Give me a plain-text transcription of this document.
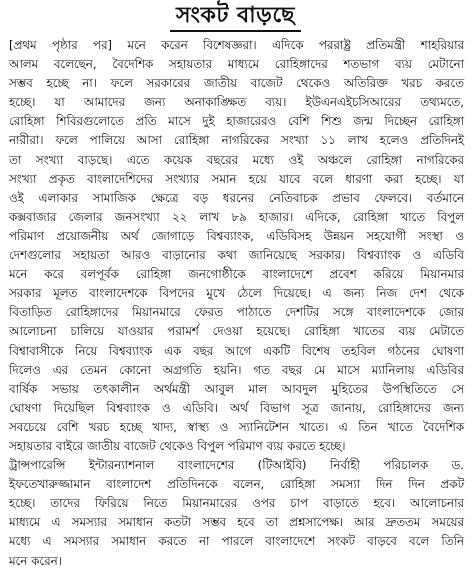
সংকট বাড়ছে
[প্রথম পৃষ্ঠার পর] মনে করেন বিশেষজ্ঞরা। এদিকে পররাষ্ট্র প্রতিমন্ত্রী শাহরিয়ার
আলম বলেছেন, বৈদেশিক সহায়তার মাধ্যমে রোহিঙ্গাদের শতভাগ ব্যয় মেটানো
সম্ভব হচ্ছে না। ফলে সরকারের জাতীয় বাজেট থেকেও অতিরিক্ত খরচ করতে
হচ্ছে। যা আমাদের জন্য অনাকাঙ্ক্ষিত ব্যয়। ইউএনএইচসিআরের তথ্যমতে,
রোহিঙ্গা শিবিরগুলোতে প্রতি মাসে দুই হাজারেরও বেশি শিশু জন্ম দিচ্ছেন রোহিঙ্গা
নারীরা। ফলে পালিয়ে আসা রোহিঙ্গা নাগরিকের সংখ্যা ১১ লাখ হলেও প্রতিদিনই
তা সংখ্যা বাড়ছে। এতে কয়েক বছরের মধ্যে ওই অঞ্চলে রোহিঙ্গা নাগরিকের
সংখ্যা প্রকৃত বাংলাদেশিদের সংখ্যার সমান হয়ে যাবে বলে ধারণা করা হচ্ছে। যা
ওই এলাকার সামাজিক ক্ষেত্রে বড় ধরনের নেতিবাচক প্রভাব ফেলবে। বর্তমানে
কক্সবাজার জেলার জনসংখ্যা ২২ লাখ ৮৯ হাজার। এদিকে, রোহিঙ্গা খাতে বিপুল
পরিমাণ প্রয়োজনীয় অর্থ জোগাড়ে বিশ্বব্যাংক, এডিবিসহ উন্নয়ন সহযোগী সংস্থা ও
দেশগুলোর সহায়তা আরও বাড়ানোর কথা জানিয়েছে সরকার। বিশ্বব্যাংক ও এডিবি
মনে করে বলপূর্বক রোহিঙ্গা জনগোষ্ঠীকে বাংলাদেশে প্রবেশ করিয়ে মিয়ানমার
সরকার মূলত বাংলাদেশকে বিপদের মুখে ঠেলে দিয়েছে। এ জন্য নিজ দেশ থেকে
বিতাড়িত রোহিঙ্গাদের মিয়ানমারে ফেরত পাঠাতে দেশটির সঙ্গে বাংলাদেশকে জোর
আলোচনা চালিয়ে যাওয়ার পরামর্শ দেওয়া হয়েছে। রোহিঙ্গা খাতের ব্যয় মেটাতে
বিশ্বাবাসীকে নিয়ে বিশ্বব্যাংক এক বছর আগে একটি বিশেষ তহবিল গঠনের ঘোষণা
দিলেও এর তেমন কোনো অগ্রগতি হয়নি। গত বছর মে মাসে ম্যানিলায় এডিবির
বার্ষিক সভায় তৎকালীন অর্থমন্ত্রী আবুল মাল আবদুল মুহিতের উপস্থিতিতে সে
ঘোষণা দিয়েছিল বিশ্বব্যাংক ও এডিবি। অর্থ বিভাগ সূত্র জানায়, রোহিঙ্গাদের জন্য
সবচেয়ে বেশি খরচ হচ্ছে খাদ্য, স্বাস্থ্য ও স্যানিটেশন খাতে। এ তিন খাতে বৈদেশিক
সহায়তার বাইরে জাতীয় বাজেট থেকেও বিপুল পরিমাণ ব্যয় করতে হচ্ছে।
ট্রান্সপারেন্সি ইন্টারন্যাশনাল বাংলাদেশের (টিআইবি) নির্বাহী পরিচালক ড.
ইফতেখারুজ্জামান বাংলাদেশ প্রতিদিনকে বলেন, রোহিঙ্গা সমস্যা দিন দিন প্রকট
হচ্ছে। তাদের ফিরিয়ে নিতে মিয়ানমারের ওপর চাপ বাড়াতে হবে। আলোচনার
মাধ্যমে এ সমস্যার সমাধান কতটা সম্ভব হবে তা প্রশ্নসাপেক্ষ। আর দ্রুততম সময়ের
মধ্যে এ সমস্যার সমাধান করতে না পারলে বাংলাদেশে সংকট বাড়বে বলে তিনি
মনে করেন।
